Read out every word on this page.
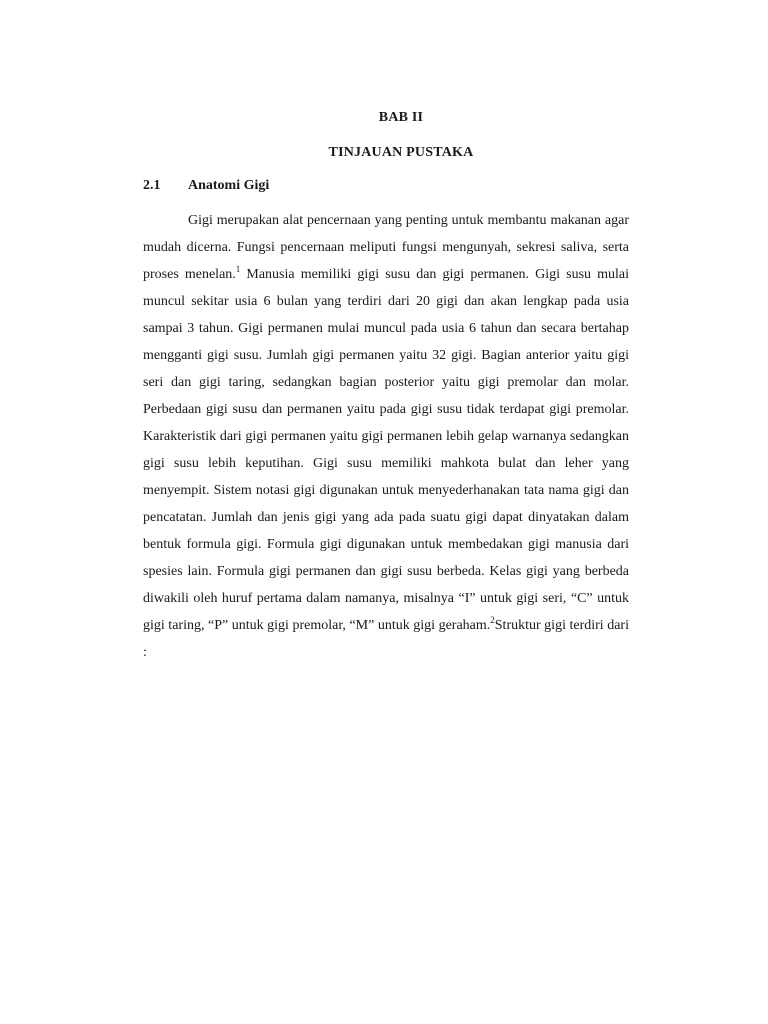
BAB II
TINJAUAN PUSTAKA
2.1 Anatomi Gigi

Gigi merupakan alat pencernaan yang penting untuk membantu makanan agar mudah dicerna. Fungsi pencernaan meliputi fungsi mengunyah, sekresi saliva, serta proses menelan.$^1$ Manusia memiliki gigi susu dan gigi permanen. Gigi susu mulai muncul sekitar usia 6 bulan yang terdiri dari 20 gigi dan akan lengkap pada usia sampai 3 tahun. Gigi permanen mulai muncul pada usia 6 tahun dan secara bertahap mengganti gigi susu. Jumlah gigi permanen yaitu 32 gigi. Bagian anterior yaitu gigi seri dan gigi taring, sedangkan bagian posterior yaitu gigi premolar dan molar. Perbedaan gigi susu dan permanen yaitu pada gigi susu tidak terdapat gigi premolar. Karakteristik dari gigi permanen yaitu gigi permanen lebih gelap warnanya sedangkan gigi susu lebih keputihan. Gigi susu memiliki mahkota bulat dan leher yang menyempit. Sistem notasi gigi digunakan untuk menyederhanakan tata nama gigi dan pencatatan. Jumlah dan jenis gigi yang ada pada suatu gigi dapat dinyatakan dalam bentuk formula gigi. Formula gigi digunakan untuk membedakan gigi manusia dari spesies lain. Formula gigi permanen dan gigi susu berbeda. Kelas gigi yang berbeda diwakili oleh huruf pertama dalam namanya, misalnya “I” untuk gigi seri, “C” untuk gigi taring, “P” untuk gigi premolar, “M” untuk gigi geraham.$^2$Struktur gigi terdiri dari :
